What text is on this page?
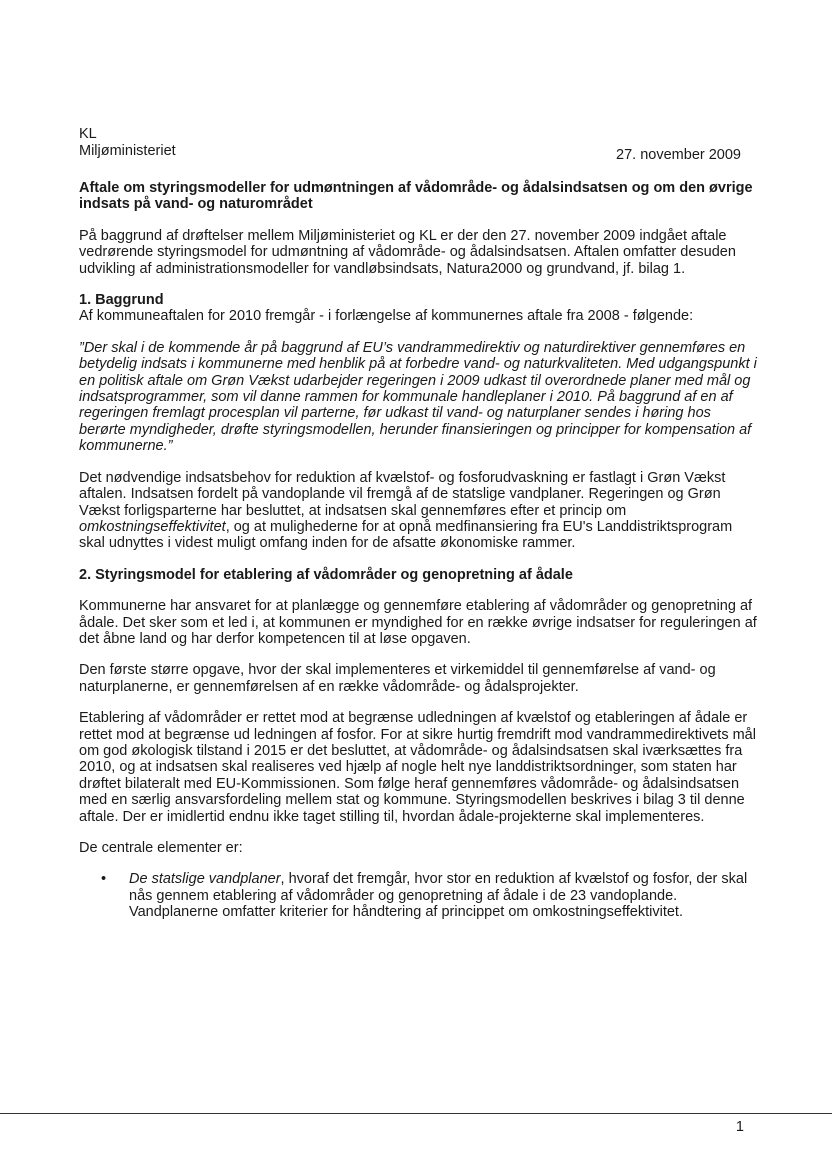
KL
Miljøministeriet	27. november 2009
Aftale om styringsmodeller for udmøntningen af vådområde- og ådalsindsatsen og om den øvrige indsats på vand- og naturområdet

På baggrund af drøftelser mellem Miljøministeriet og KL er der den 27. november 2009 indgået aftale vedrørende styringsmodel for udmøntning af vådområde- og ådalsindsatsen. Aftalen omfatter desuden udvikling af administrationsmodeller for vandløbsindsats, Natura2000 og grundvand, jf. bilag 1.

1. Baggrund
Af kommuneaftalen for 2010 fremgår - i forlængelse af kommunernes aftale fra 2008 - følgende:

”Der skal i de kommende år på baggrund af EU’s vandrammedirektiv og naturdirektiver gennemføres en betydelig indsats i kommunerne med henblik på at forbedre vand- og naturkvaliteten. Med udgangspunkt i en politisk aftale om Grøn Vækst udarbejder regeringen i 2009 udkast til overordnede planer med mål og indsatsprogrammer, som vil danne rammen for kommunale handleplaner i 2010. På baggrund af en af regeringen fremlagt procesplan vil parterne, før udkast til vand- og naturplaner sendes i høring hos berørte myndigheder, drøfte styringsmodellen, herunder finansieringen og principper for kompensation af kommunerne.”

Det nødvendige indsatsbehov for reduktion af kvælstof- og fosforudvaskning er fastlagt i Grøn Vækst aftalen. Indsatsen fordelt på vandoplande vil fremgå af de statslige vandplaner. Regeringen og Grøn Vækst forligsparterne har besluttet, at indsatsen skal gennemføres efter et princip om omkostningseffektivitet, og at mulighederne for at opnå medfinansiering fra EU's Landdistriktsprogram skal udnyttes i videst muligt omfang inden for de afsatte økonomiske rammer.

2. Styringsmodel for etablering af vådområder og genopretning af ådale

Kommunerne har ansvaret for at planlægge og gennemføre etablering af vådområder og genopretning af ådale. Det sker som et led i, at kommunen er myndighed for en række øvrige indsatser for reguleringen af det åbne land og har derfor kompetencen til at løse opgaven.

Den første større opgave, hvor der skal implementeres et virkemiddel til gennemførelse af vand- og naturplanerne, er gennemførelsen af en række vådområde- og ådalsprojekter.

Etablering af vådområder er rettet mod at begrænse udledningen af kvælstof og etableringen af ådale er rettet mod at begrænse ud ledningen af fosfor. For at sikre hurtig fremdrift mod vandrammedirektivets mål om god økologisk tilstand i 2015 er det besluttet, at vådområde- og ådalsindsatsen skal iværksættes fra 2010, og at indsatsen skal realiseres ved hjælp af nogle helt nye landdistriktsordninger, som staten har drøftet bilateralt med EU-Kommissionen. Som følge heraf gennemføres vådområde- og ådalsindsatsen med en særlig ansvarsfordeling mellem stat og kommune. Styringsmodellen beskrives i bilag 3 til denne aftale. Der er imidlertid endnu ikke taget stilling til, hvordan ådale-projekterne skal implementeres.

De centrale elementer er:

• De statslige vandplaner, hvoraf det fremgår, hvor stor en reduktion af kvælstof og fosfor, der skal nås gennem etablering af vådområder og genopretning af ådale i de 23 vandoplande. Vandplanerne omfatter kriterier for håndtering af princippet om omkostningseffektivitet.
1
